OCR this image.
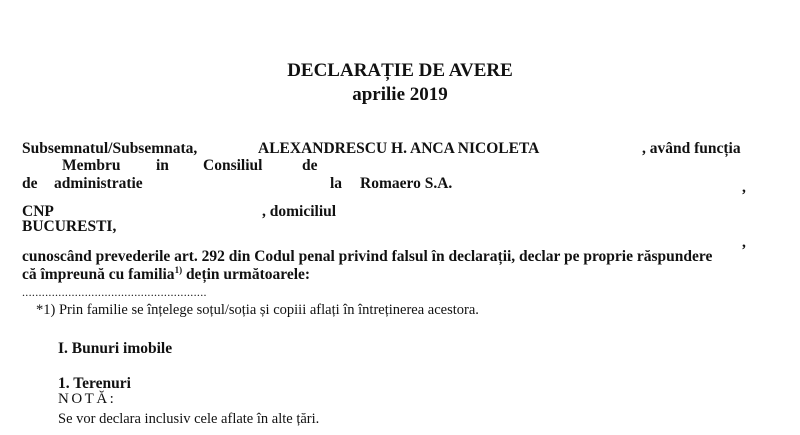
DECLARAȚIE DE AVERE
aprilie 2019
Subsemnatul/Subsemnata,	ALEXANDRESCU H. ANCA NICOLETA	, având funcția
Membru in Consiliul	de
de administratie	la Romaero S.A.	,
CNP	, domiciliul
BUCURESTI,
,
cunoscând prevederile art. 292 din Codul penal privind falsul în declarații, declar pe proprie răspundere
că împreună cu familia$^{1)}$ dețin următoarele:
........................................................
*1) Prin familie se înțelege soțul/soția și copiii aflați în întreținerea acestora.
I. Bunuri imobile
1. Terenuri
NOTĂ:
Se vor declara inclusiv cele aflate în alte țări.
